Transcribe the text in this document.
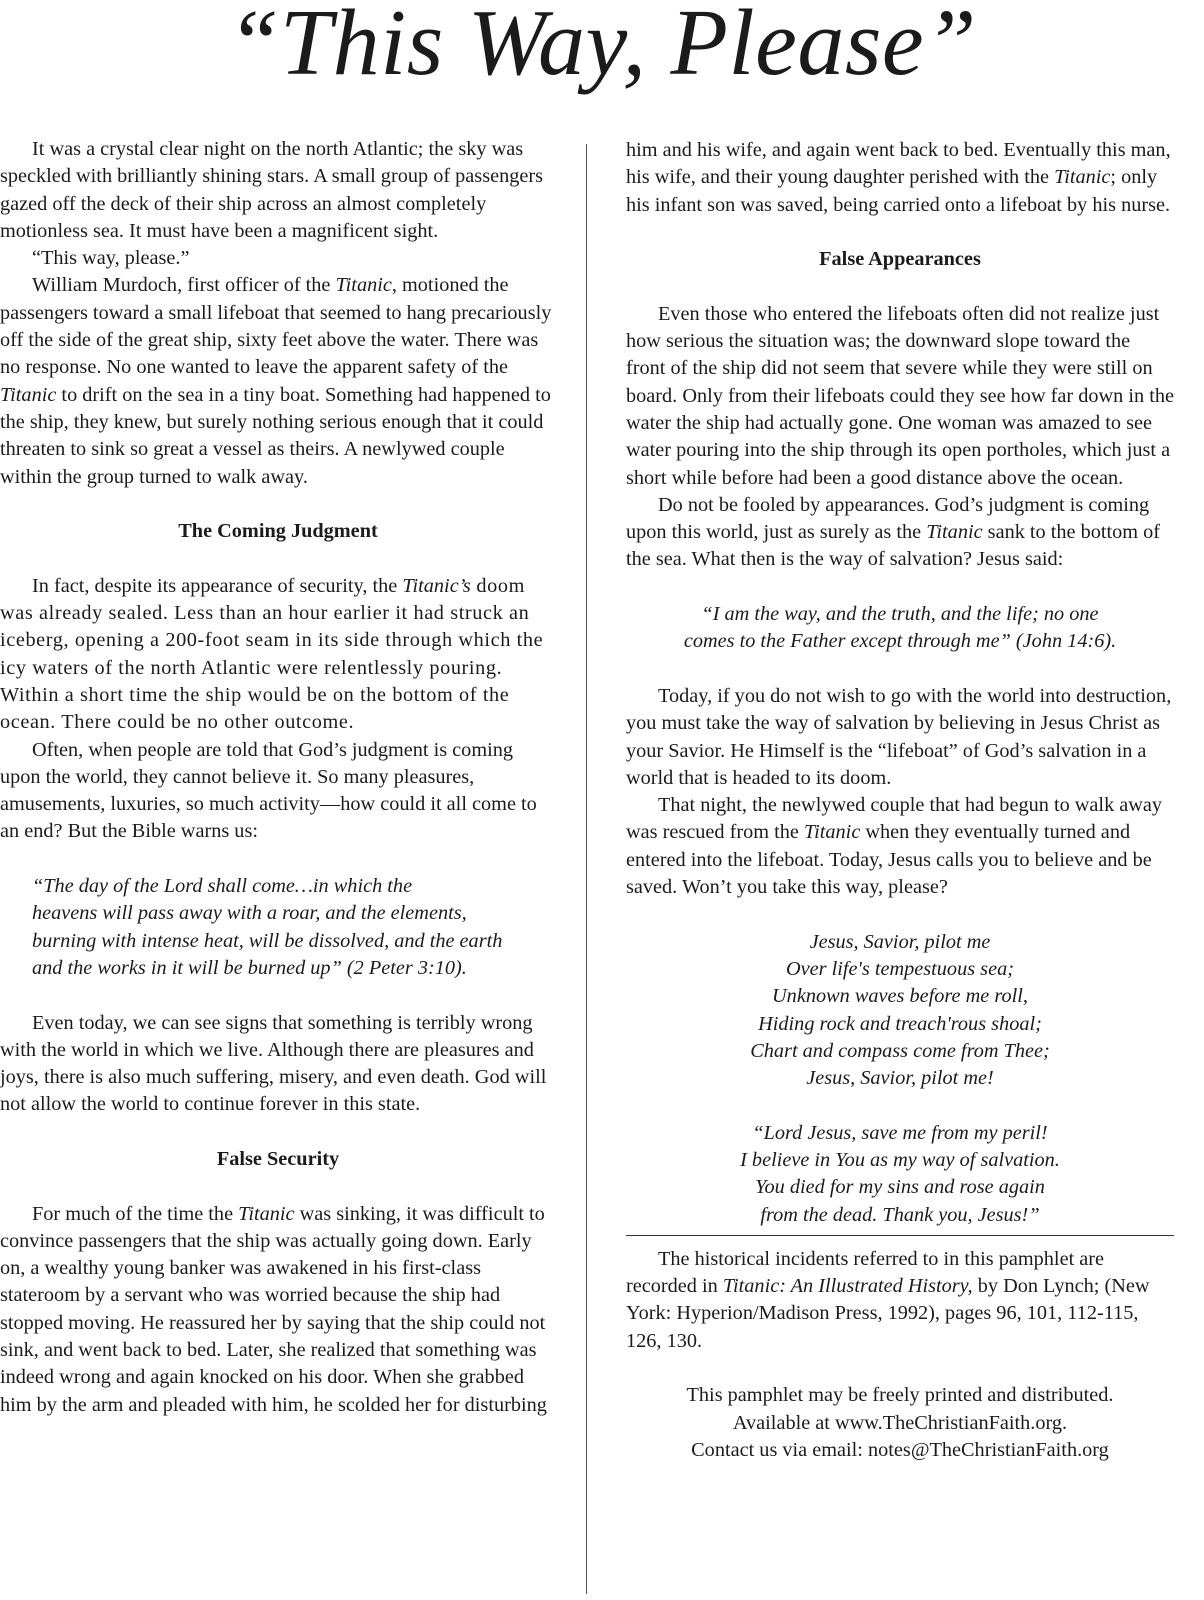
“This Way, Please”

It was a crystal clear night on the north Atlantic; the sky was speckled with brilliantly shining stars. A small group of passengers gazed off the deck of their ship across an almost completely motionless sea. It must have been a magnificent sight.

“This way, please.”

William Murdoch, first officer of the Titanic, motioned the passengers toward a small lifeboat that seemed to hang precariously off the side of the great ship, sixty feet above the water. There was no response. No one wanted to leave the apparent safety of the Titanic to drift on the sea in a tiny boat. Something had happened to the ship, they knew, but surely nothing serious enough that it could threaten to sink so great a vessel as theirs. A newlywed couple within the group turned to walk away.

The Coming Judgment

In fact, despite its appearance of security, the Titanic’s doom was already sealed. Less than an hour earlier it had struck an iceberg, opening a 200-foot seam in its side through which the icy waters of the north Atlantic were relentlessly pouring. Within a short time the ship would be on the bottom of the ocean. There could be no other outcome.

Often, when people are told that God’s judgment is coming upon the world, they cannot believe it. So many pleasures, amusements, luxuries, so much activity—how could it all come to an end? But the Bible warns us:

“The day of the Lord shall come…in which the
heavens will pass away with a roar, and the elements,
burning with intense heat, will be dissolved, and the earth
and the works in it will be burned up” (2 Peter 3:10).

Even today, we can see signs that something is terribly wrong with the world in which we live. Although there are pleasures and joys, there is also much suffering, misery, and even death. God will not allow the world to continue forever in this state.

False Security

For much of the time the Titanic was sinking, it was difficult to convince passengers that the ship was actually going down. Early on, a wealthy young banker was awakened in his first-class stateroom by a servant who was worried because the ship had stopped moving. He reassured her by saying that the ship could not sink, and went back to bed. Later, she realized that something was indeed wrong and again knocked on his door. When she grabbed him by the arm and pleaded with him, he scolded her for disturbing

him and his wife, and again went back to bed. Eventually this man, his wife, and their young daughter perished with the Titanic; only his infant son was saved, being carried onto a lifeboat by his nurse.

False Appearances

Even those who entered the lifeboats often did not realize just how serious the situation was; the downward slope toward the front of the ship did not seem that severe while they were still on board. Only from their lifeboats could they see how far down in the water the ship had actually gone. One woman was amazed to see water pouring into the ship through its open portholes, which just a short while before had been a good distance above the ocean.

Do not be fooled by appearances. God’s judgment is coming upon this world, just as surely as the Titanic sank to the bottom of the sea. What then is the way of salvation? Jesus said:

“I am the way, and the truth, and the life; no one
comes to the Father except through me” (John 14:6).

Today, if you do not wish to go with the world into destruction, you must take the way of salvation by believing in Jesus Christ as your Savior. He Himself is the “lifeboat” of God’s salvation in a world that is headed to its doom.

That night, the newlywed couple that had begun to walk away was rescued from the Titanic when they eventually turned and entered into the lifeboat. Today, Jesus calls you to believe and be saved. Won’t you take this way, please?

Jesus, Savior, pilot me
Over life's tempestuous sea;
Unknown waves before me roll,
Hiding rock and treach'rous shoal;
Chart and compass come from Thee;
Jesus, Savior, pilot me!
“Lord Jesus, save me from my peril!
I believe in You as my way of salvation.
You died for my sins and rose again
from the dead. Thank you, Jesus!”

The historical incidents referred to in this pamphlet are recorded in Titanic: An Illustrated History, by Don Lynch; (New York: Hyperion/Madison Press, 1992), pages 96, 101, 112-115, 126, 130.

This pamphlet may be freely printed and distributed.
Available at www.TheChristianFaith.org.
Contact us via email: notes@TheChristianFaith.org
